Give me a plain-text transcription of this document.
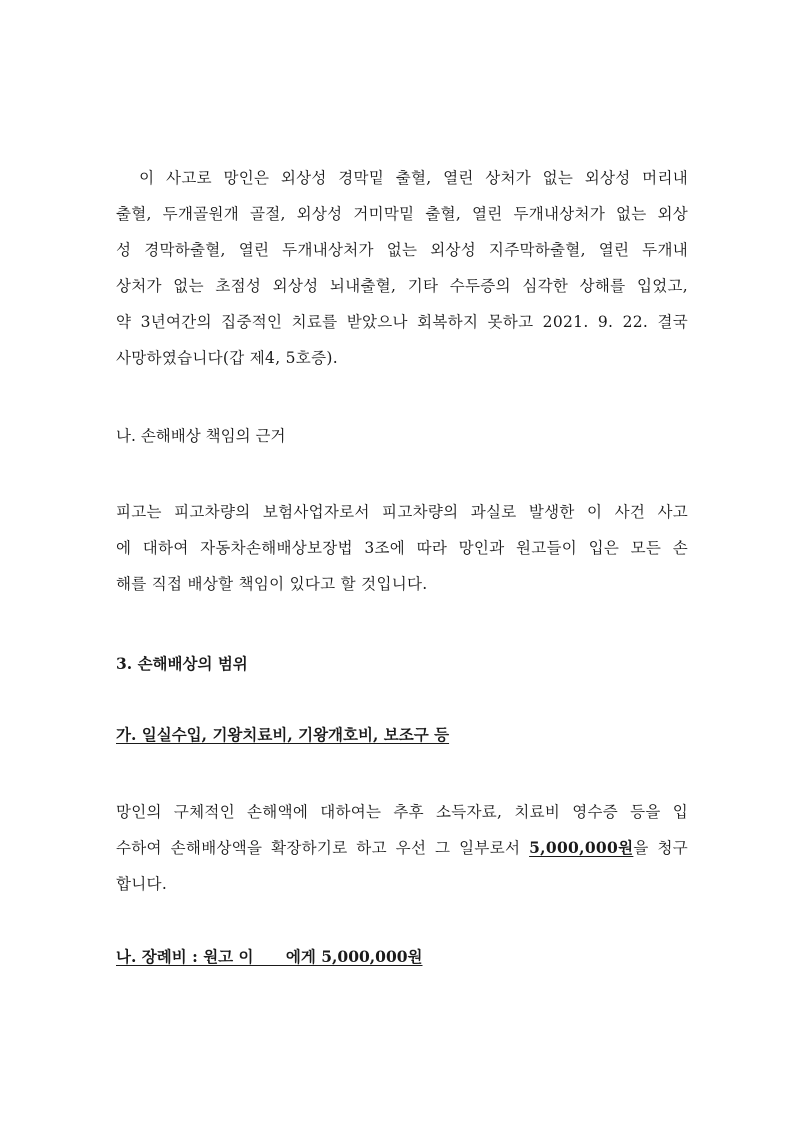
이 사고로 망인은 외상성 경막밑 출혈, 열린 상처가 없는 외상성 머리내
출혈, 두개골원개 골절, 외상성 거미막밑 출혈, 열린 두개내상처가 없는 외상
성 경막하출혈, 열린 두개내상처가 없는 외상성 지주막하출혈, 열린 두개내
상처가 없는 초점성 외상성 뇌내출혈, 기타 수두증의 심각한 상해를 입었고,
약 3년여간의 집중적인 치료를 받았으나 회복하지 못하고 2021. 9. 22. 결국
사망하였습니다(갑 제4, 5호증).
나. 손해배상 책임의 근거
피고는 피고차량의 보험사업자로서 피고차량의 과실로 발생한 이 사건 사고
에 대하여 자동차손해배상보장법 3조에 따라 망인과 원고들이 입은 모든 손
해를 직접 배상할 책임이 있다고 할 것입니다.
3. 손해배상의 범위
가. 일실수입, 기왕치료비, 기왕개호비, 보조구 등
망인의 구체적인 손해액에 대하여는 추후 소득자료, 치료비 영수증 등을 입
수하여 손해배상액을 확장하기로 하고 우선 그 일부로서 5,000,000원을 청구
합니다.
나. 장례비 : 원고 이      에게 5,000,000원
